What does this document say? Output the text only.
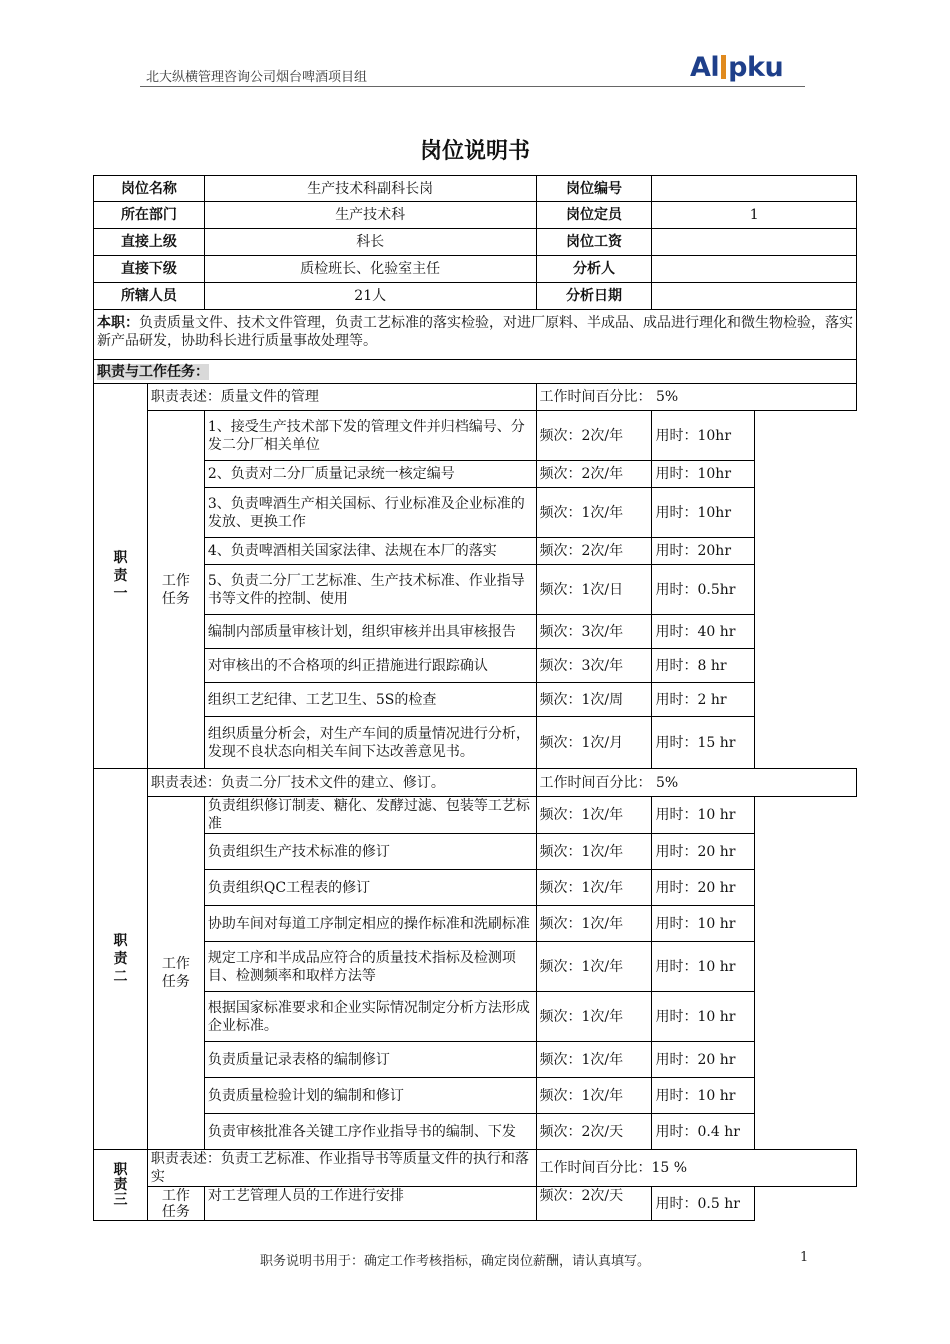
北大纵横管理咨询公司烟台啤酒项目组	Al pku
岗位说明书
岗位名称		生产技术科副科长岗	岗位编号	
所在部门		生产技术科	岗位定员	1
直接上级		科长	岗位工资	
直接下级		质检班长、化验室主任	分析人	
所辖人员		21人	分析日期	
本职：负责质量文件、技术文件管理，负责工艺标准的落实检验，对进厂原料、半成品、成品进行理化和微生物检验，落实新产品研发，协助科长进行质量事故处理等。				
职责与工作任务：				

职责一	职责表述：质量文件的管理		工作时间百分比： 5%	

	工作任务	1、接受生产技术部下发的管理文件并归档编号、分发二分厂相关单位	频次：2次/年	用时：10hr
		2、负责对二分厂质量记录统一核定编号	频次：2次/年	用时：10hr
		3、负责啤酒生产相关国标、行业标准及企业标准的发放、更换工作	频次：1次/年	用时：10hr
		4、负责啤酒相关国家法律、法规在本厂的落实	频次：2次/年	用时：20hr
		5、负责二分厂工艺标准、生产技术标准、作业指导书等文件的控制、使用	频次：1次/日	用时：0.5hr
		编制内部质量审核计划，组织审核并出具审核报告	频次：3次/年	用时：40 hr
		对审核出的不合格项的纠正措施进行跟踪确认	频次：3次/年	用时：8 hr
		组织工艺纪律、工艺卫生、5S的检查	频次：1次/周	用时：2 hr
		组织质量分析会，对生产车间的质量情况进行分析，发现不良状态向相关车间下达改善意见书。	频次：1次/月	用时：15 hr

职责二	职责表述：负责二分厂技术文件的建立、修订。		工作时间百分比： 5%	

	工作任务	负责组织修订制麦、糖化、发酵过滤、包装等工艺标准	频次：1次/年	用时：10 hr
		负责组织生产技术标准的修订	频次：1次/年	用时：20 hr
		负责组织QC工程表的修订	频次：1次/年	用时：20 hr
		协助车间对每道工序制定相应的操作标准和洗刷标准	频次：1次/年	用时：10 hr
		规定工序和半成品应符合的质量技术指标及检测项目、检测频率和取样方法等	频次：1次/年	用时：10 hr
		根据国家标准要求和企业实际情况制定分析方法形成企业标准。	频次：1次/年	用时：10 hr
		负责质量记录表格的编制修订	频次：1次/年	用时：20 hr
		负责质量检验计划的编制和修订	频次：1次/年	用时：10 hr
		负责审核批准各关键工序作业指导书的编制、下发	频次：2次/天	用时：0.4 hr

职责三	职责表述：负责工艺标准、作业指导书等质量文件的执行和落实		工作时间百分比：15 %	

	工作任务	对工艺管理人员的工作进行安排	频次：2次/天	用时：0.5 hr
职务说明书用于：确定工作考核指标，确定岗位薪酬，请认真填写。	1
